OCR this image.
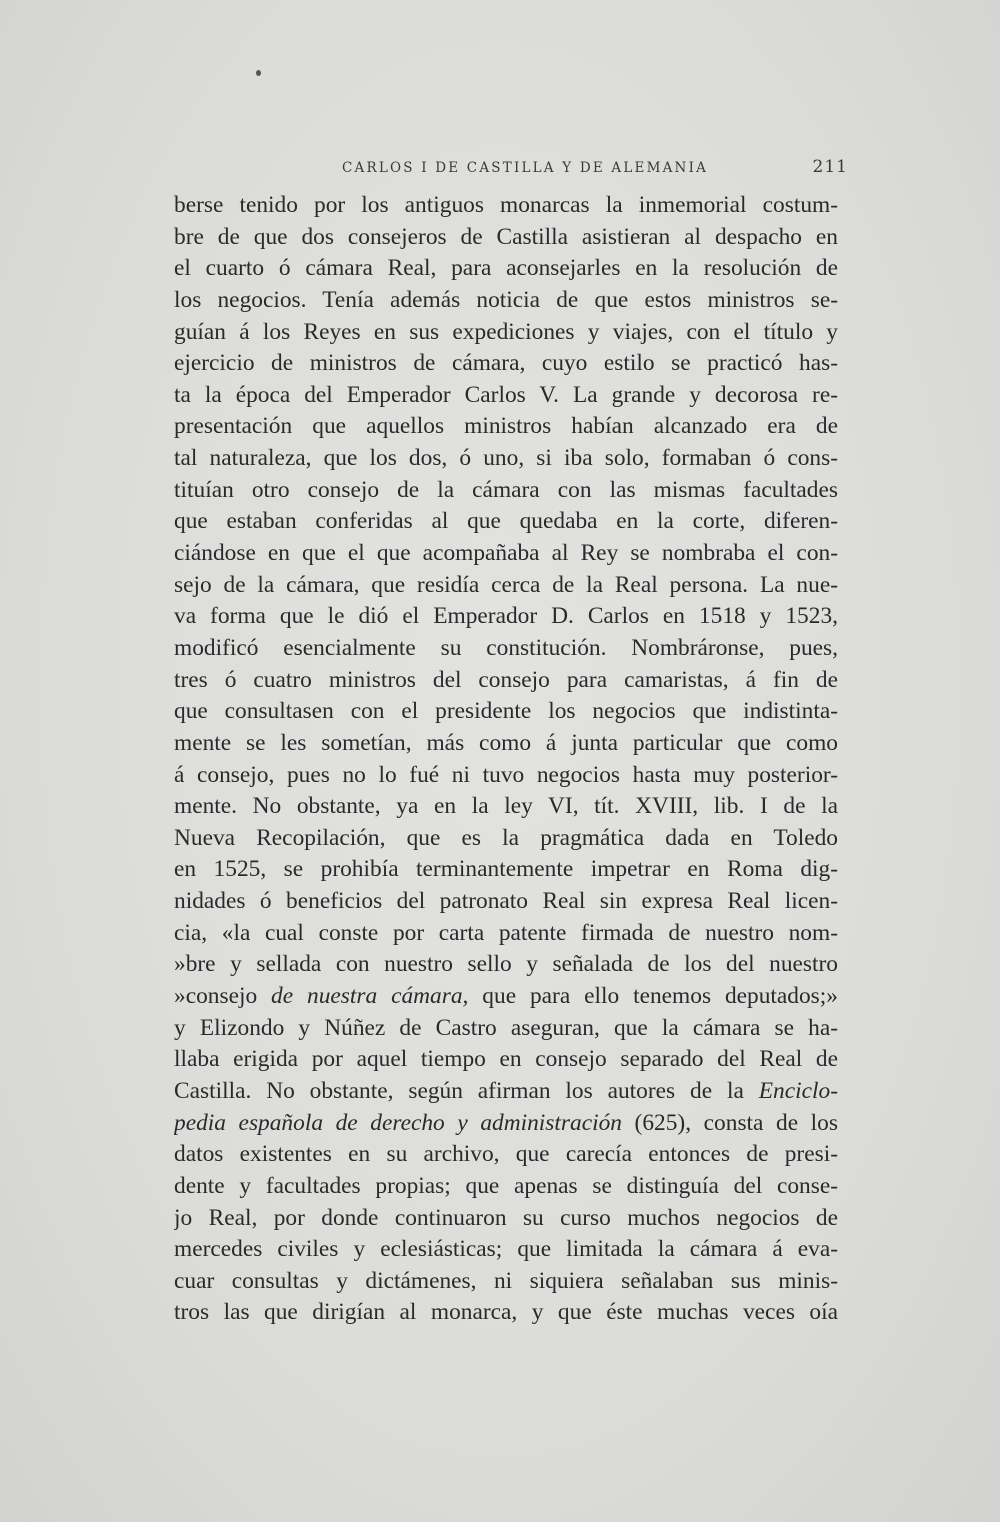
CARLOS I DE CASTILLA Y DE ALEMANIA	211
berse tenido por los antiguos monarcas la inmemorial costum-
bre de que dos consejeros de Castilla asistieran al despacho en
el cuarto ó cámara Real, para aconsejarles en la resolución de
los negocios. Tenía además noticia de que estos ministros se-
guían á los Reyes en sus expediciones y viajes, con el título y
ejercicio de ministros de cámara, cuyo estilo se practicó has-
ta la época del Emperador Carlos V. La grande y decorosa re-
presentación que aquellos ministros habían alcanzado era de
tal naturaleza, que los dos, ó uno, si iba solo, formaban ó cons-
tituían otro consejo de la cámara con las mismas facultades
que estaban conferidas al que quedaba en la corte, diferen-
ciándose en que el que acompañaba al Rey se nombraba el con-
sejo de la cámara, que residía cerca de la Real persona. La nue-
va forma que le dió el Emperador D. Carlos en 1518 y 1523,
modificó esencialmente su constitución. Nombráronse, pues,
tres ó cuatro ministros del consejo para camaristas, á fin de
que consultasen con el presidente los negocios que indistinta-
mente se les sometían, más como á junta particular que como
á consejo, pues no lo fué ni tuvo negocios hasta muy posterior-
mente. No obstante, ya en la ley VI, tít. XVIII, lib. I de la
Nueva Recopilación, que es la pragmática dada en Toledo
en 1525, se prohibía terminantemente impetrar en Roma dig-
nidades ó beneficios del patronato Real sin expresa Real licen-
cia, «la cual conste por carta patente firmada de nuestro nom-
»bre y sellada con nuestro sello y señalada de los del nuestro
»consejo de nuestra cámara, que para ello tenemos deputados;»
y Elizondo y Núñez de Castro aseguran, que la cámara se ha-
llaba erigida por aquel tiempo en consejo separado del Real de
Castilla. No obstante, según afirman los autores de la Enciclo-
pedia española de derecho y administración (625), consta de los
datos existentes en su archivo, que carecía entonces de presi-
dente y facultades propias; que apenas se distinguía del conse-
jo Real, por donde continuaron su curso muchos negocios de
mercedes civiles y eclesiásticas; que limitada la cámara á eva-
cuar consultas y dictámenes, ni siquiera señalaban sus minis-
tros las que dirigían al monarca, y que éste muchas veces oía
